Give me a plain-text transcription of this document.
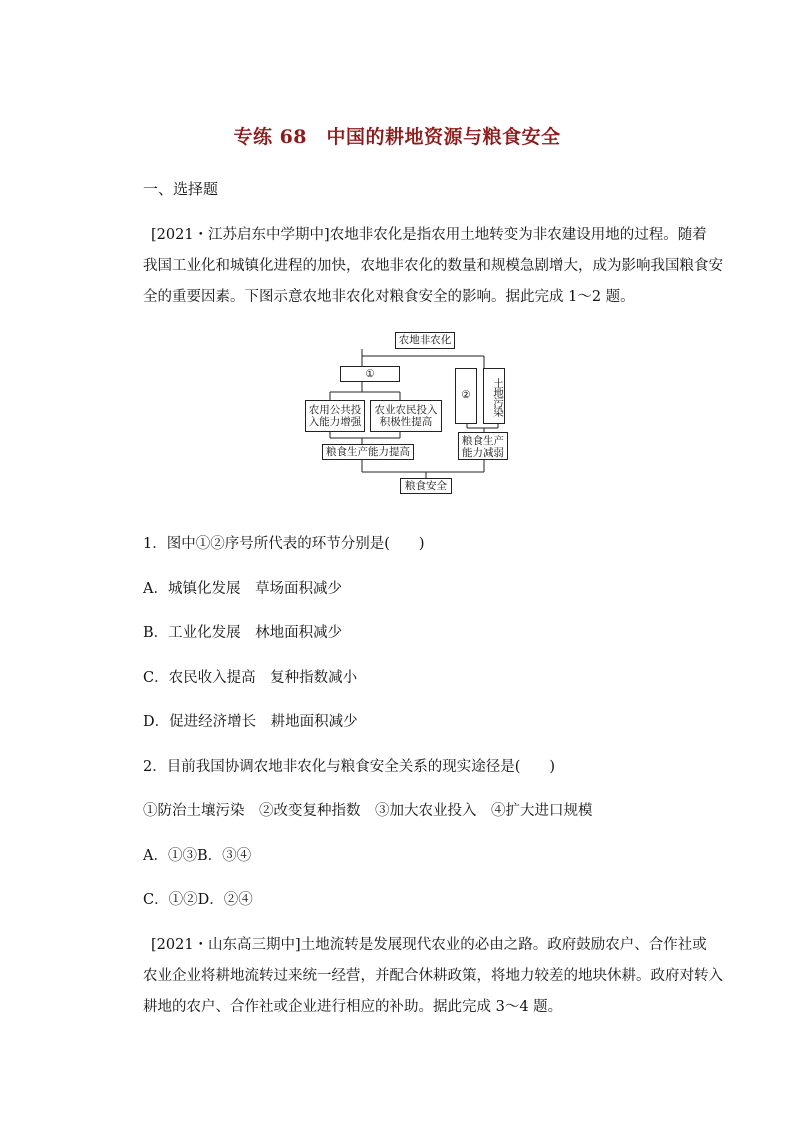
专练 68　中国的耕地资源与粮食安全
一、选择题
[2021・江苏启东中学期中]农地非农化是指农用土地转变为非农建设用地的过程。随着
我国工业化和城镇化进程的加快，农地非农化的数量和规模急剧增大，成为影响我国粮食安
全的重要因素。下图示意农地非农化对粮食安全的影响。据此完成 1～2 题。
农地非农化
①
农用公共投入能力增强
农业农民投入积极性提高
②	土地污染
粮食生产能力减弱
粮食生产能力提高
粮食安全
1．图中①②序号所代表的环节分别是(　　)
A．城镇化发展　草场面积减少
B．工业化发展　林地面积减少
C．农民收入提高　复种指数减小
D．促进经济增长　耕地面积减少
2．目前我国协调农地非农化与粮食安全关系的现实途径是(　　)
①防治土壤污染　②改变复种指数　③加大农业投入　④扩大进口规模
A．①③B．③④
C．①②D．②④
[2021・山东高三期中]土地流转是发展现代农业的必由之路。政府鼓励农户、合作社或
农业企业将耕地流转过来统一经营，并配合休耕政策，将地力较差的地块休耕。政府对转入
耕地的农户、合作社或企业进行相应的补助。据此完成 3～4 题。
